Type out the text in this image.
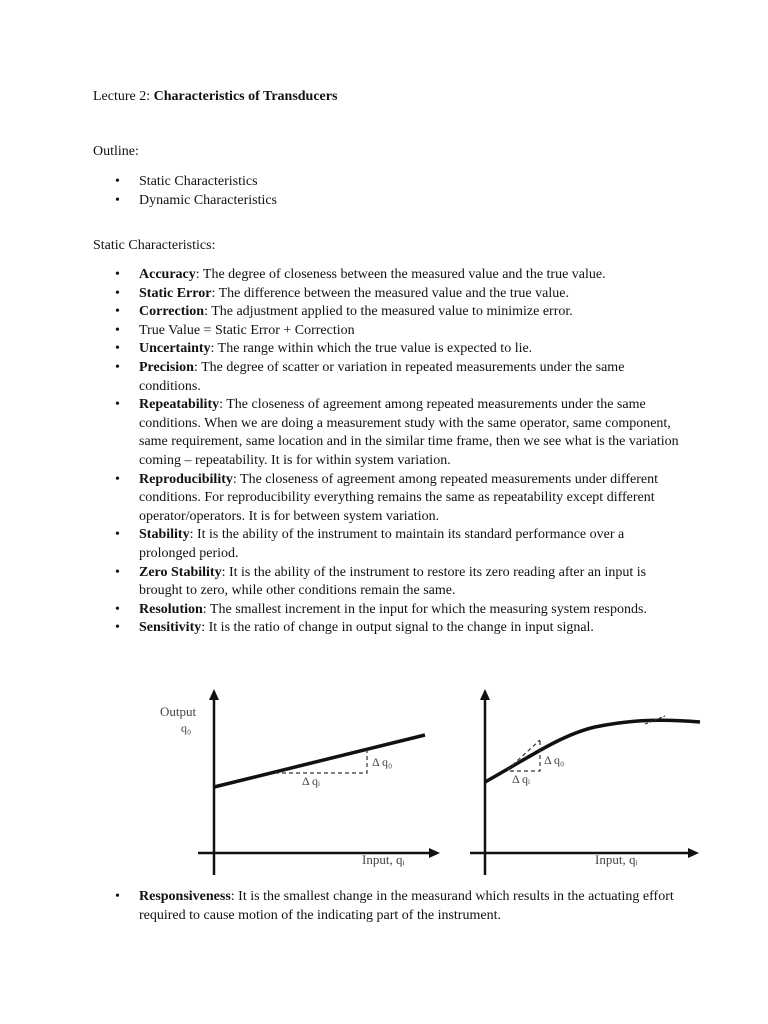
Lecture 2: Characteristics of Transducers
Outline:
• Static Characteristics
• Dynamic Characteristics
Static Characteristics:
• Accuracy: The degree of closeness between the measured value and the true value.
• Static Error: The difference between the measured value and the true value.
• Correction: The adjustment applied to the measured value to minimize error.
• True Value = Static Error + Correction
• Uncertainty: The range within which the true value is expected to lie.
• Precision: The degree of scatter or variation in repeated measurements under the same conditions.
• Repeatability: The closeness of agreement among repeated measurements under the same conditions. When we are doing a measurement study with the same operator, same component, same requirement, same location and in the similar time frame, then we see what is the variation coming – repeatability. It is for within system variation.
• Reproducibility: The closeness of agreement among repeated measurements under different conditions. For reproducibility everything remains the same as repeatability except different operator/operators. It is for between system variation.
• Stability: It is the ability of the instrument to maintain its standard performance over a prolonged period.
• Zero Stability: It is the ability of the instrument to restore its zero reading after an input is brought to zero, while other conditions remain the same.
• Resolution: The smallest increment in the input for which the measuring system responds.
• Sensitivity: It is the ratio of change in output signal to the change in input signal.
Output
q₀
Δ q₀
Δ qᵢ
Input, qᵢ
Δ q₀
Δ qᵢ
Input, qᵢ
• Responsiveness: It is the smallest change in the measurand which results in the actuating effort required to cause motion of the indicating part of the instrument.
